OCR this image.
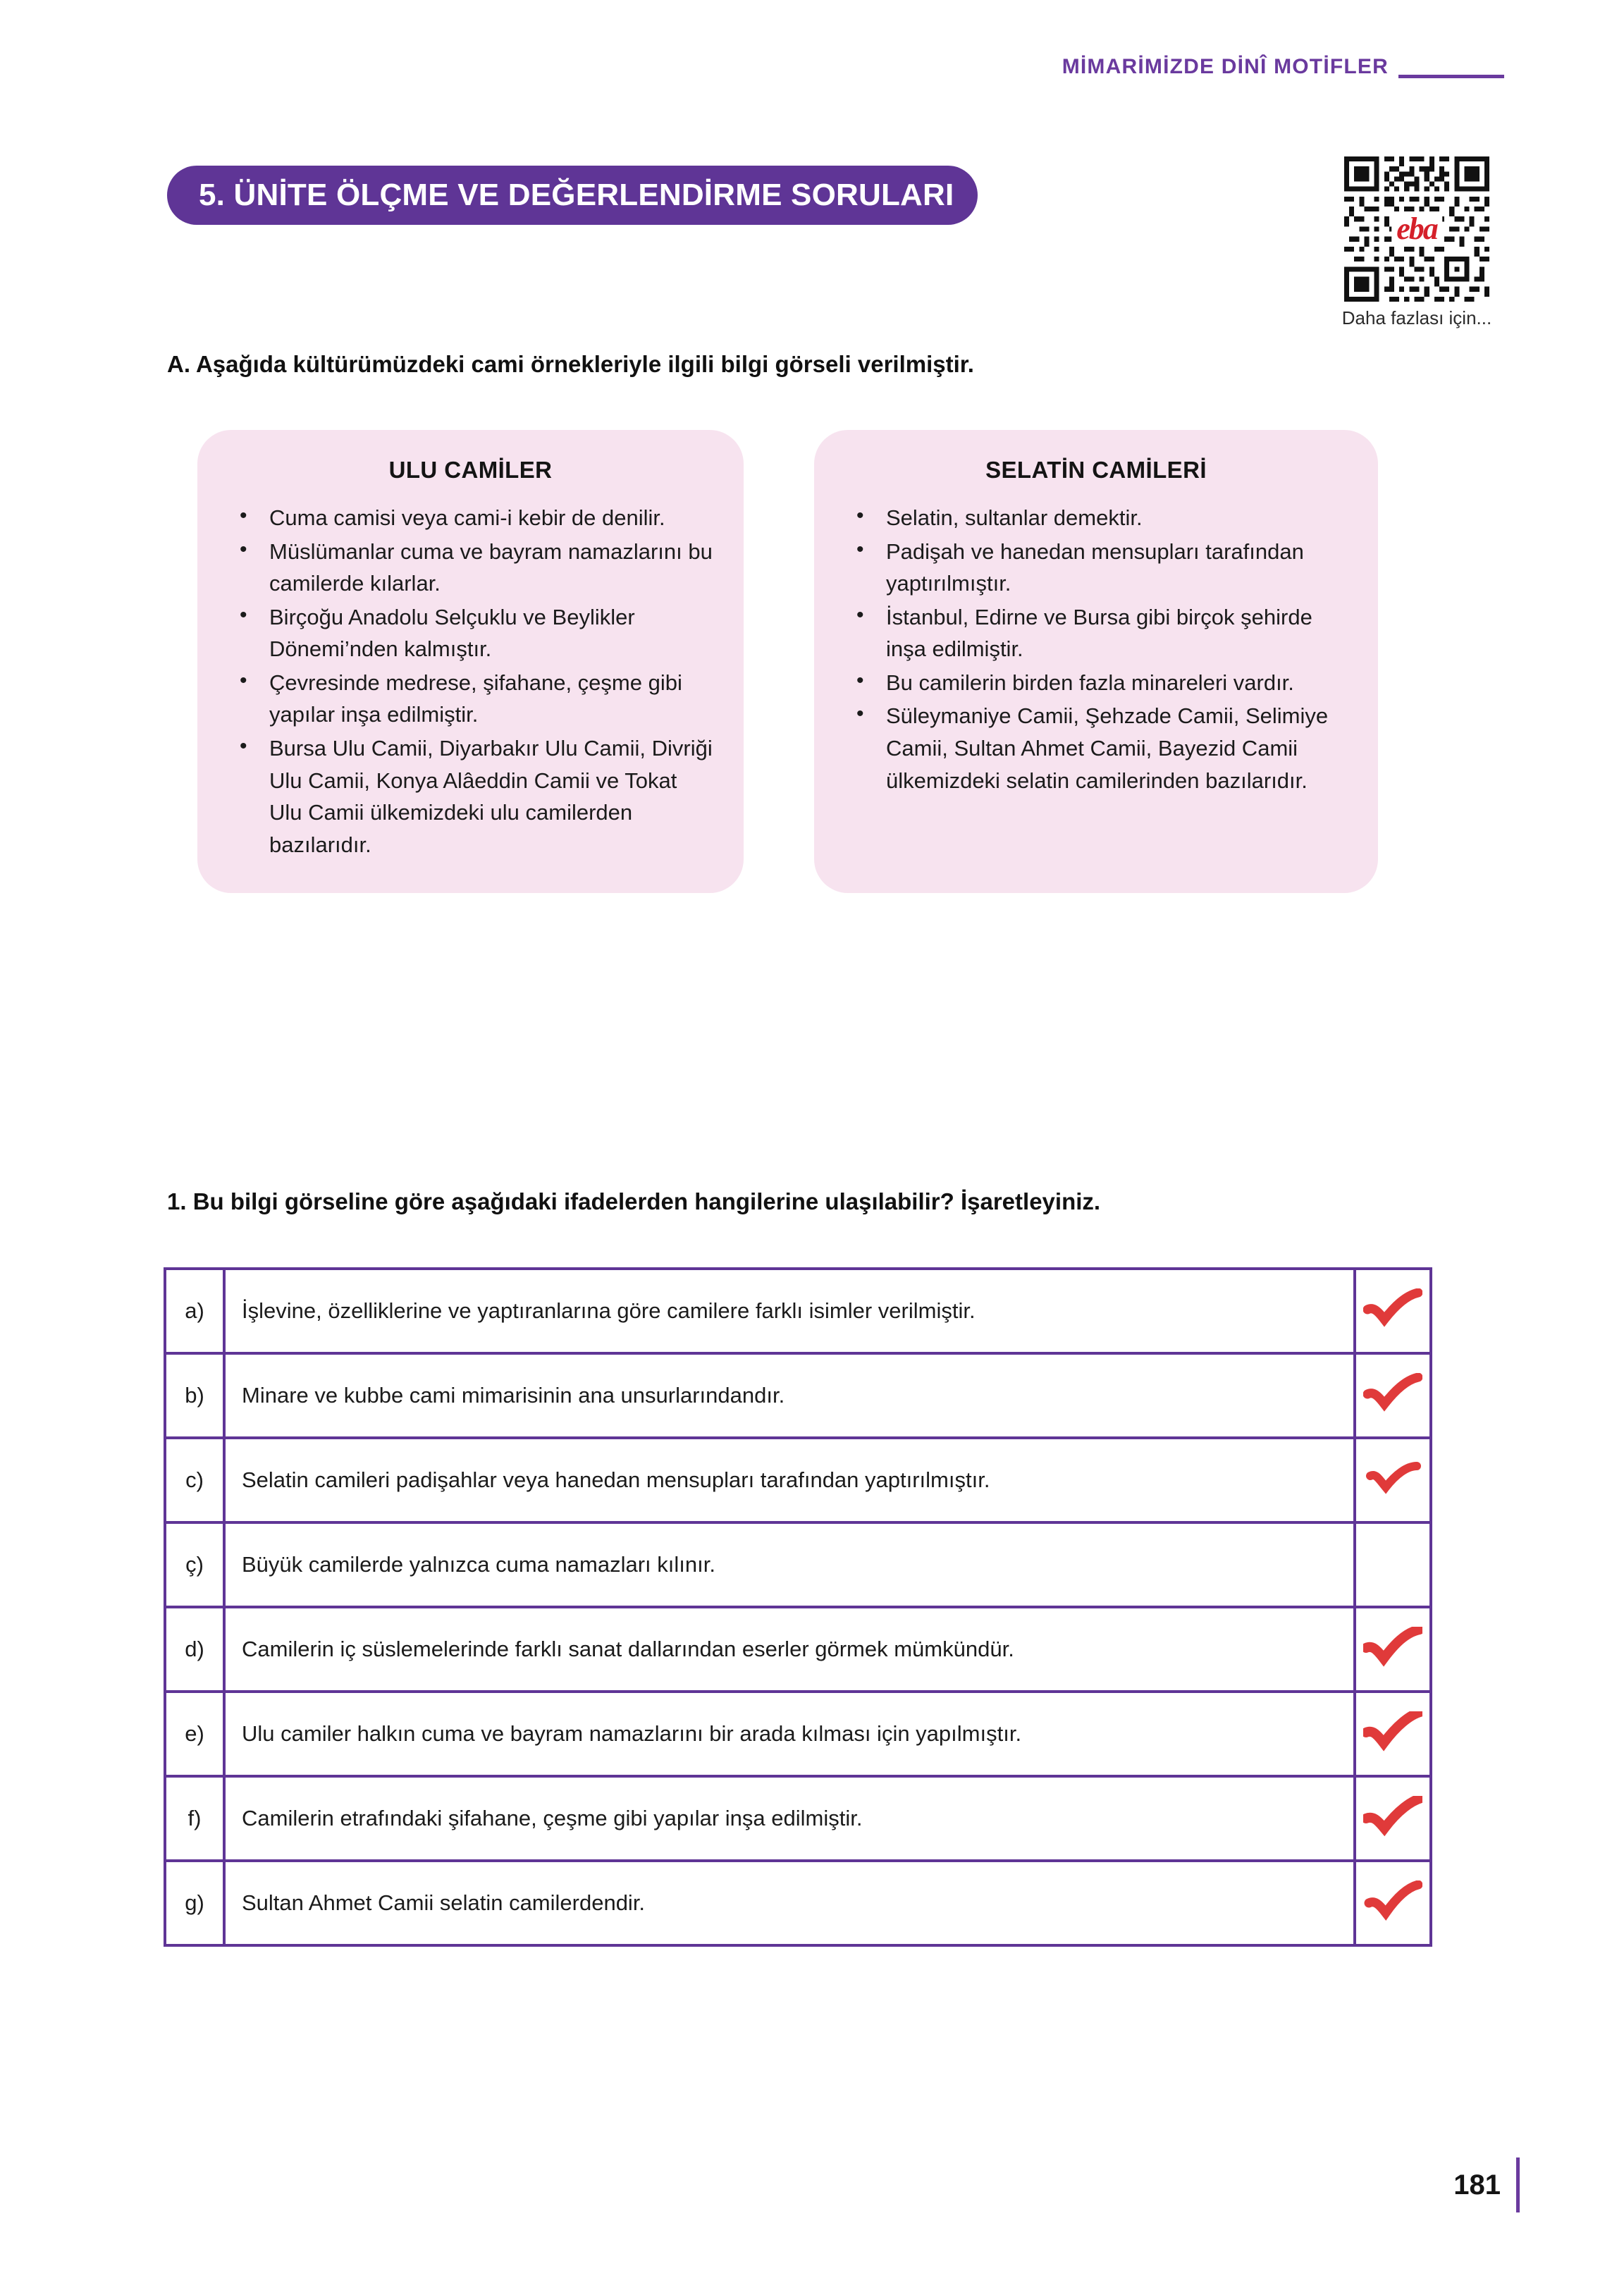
MİMARİMİZDE DİNÎ MOTİFLER
5. ÜNİTE ÖLÇME VE DEĞERLENDİRME SORULARI
eba
Daha fazlası için...
A. Aşağıda kültürümüzdeki cami örnekleriyle ilgili bilgi görseli verilmiştir.
ULU CAMİLER
• Cuma camisi veya cami-i kebir de denilir.
• Müslümanlar cuma ve bayram namazlarını bu camilerde kılarlar.
• Birçoğu Anadolu Selçuklu ve Beylikler Dönemi’nden kalmıştır.
• Çevresinde medrese, şifahane, çeşme gibi yapılar inşa edilmiştir.
• Bursa Ulu Camii, Diyarbakır Ulu Camii, Divriği Ulu Camii, Konya Alâeddin Camii ve Tokat Ulu Camii ülkemizdeki ulu camilerden bazılarıdır.
SELATİN CAMİLERİ
• Selatin, sultanlar demektir.
• Padişah ve hanedan mensupları tarafından yaptırılmıştır.
• İstanbul, Edirne ve Bursa gibi birçok şehirde inşa edilmiştir.
• Bu camilerin birden fazla minareleri vardır.
• Süleymaniye Camii, Şehzade Camii, Selimiye Camii, Sultan Ahmet Camii, Bayezid Camii ülkemizdeki selatin camilerinden bazılarıdır.
1. Bu bilgi görseline göre aşağıdaki ifadelerden hangilerine ulaşılabilir? İşaretleyiniz.
a)	İşlevine, özelliklerine ve yaptıranlarına göre camilere farklı isimler verilmiştir.

b)	Minare ve kubbe cami mimarisinin ana unsurlarındandır.

c)	Selatin camileri padişahlar veya hanedan mensupları tarafından yaptırılmıştır.

ç)	Büyük camilerde yalnızca cuma namazları kılınır.	

d)	Camilerin iç süslemelerinde farklı sanat dallarından eserler görmek mümkündür.

e)	Ulu camiler halkın cuma ve bayram namazlarını bir arada kılması için yapılmıştır.

f)	Camilerin etrafındaki şifahane, çeşme gibi yapılar inşa edilmiştir.

g)	Sultan Ahmet Camii selatin camilerdendir.

181
